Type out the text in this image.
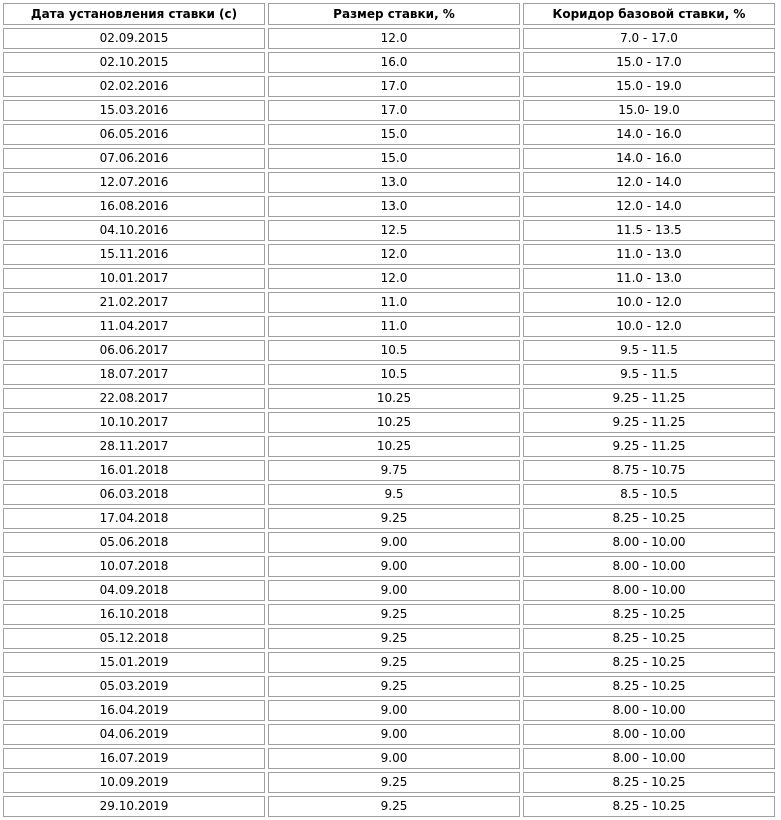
Дата установления ставки (с)	Размер ставки, %	Коридор базовой ставки, %
02.09.2015	12.0	7.0 - 17.0
02.10.2015	16.0	15.0 - 17.0
02.02.2016	17.0	15.0 - 19.0
15.03.2016	17.0	15.0- 19.0
06.05.2016	15.0	14.0 - 16.0
07.06.2016	15.0	14.0 - 16.0
12.07.2016	13.0	12.0 - 14.0
16.08.2016	13.0	12.0 - 14.0
04.10.2016	12.5	11.5 - 13.5
15.11.2016	12.0	11.0 - 13.0
10.01.2017	12.0	11.0 - 13.0
21.02.2017	11.0	10.0 - 12.0
11.04.2017	11.0	10.0 - 12.0
06.06.2017	10.5	9.5 - 11.5
18.07.2017	10.5	9.5 - 11.5
22.08.2017	10.25	9.25 - 11.25
10.10.2017	10.25	9.25 - 11.25
28.11.2017	10.25	9.25 - 11.25
16.01.2018	9.75	8.75 - 10.75
06.03.2018	9.5	8.5 - 10.5
17.04.2018	9.25	8.25 - 10.25
05.06.2018	9.00	8.00 - 10.00
10.07.2018	9.00	8.00 - 10.00
04.09.2018	9.00	8.00 - 10.00
16.10.2018	9.25	8.25 - 10.25
05.12.2018	9.25	8.25 - 10.25
15.01.2019	9.25	8.25 - 10.25
05.03.2019	9.25	8.25 - 10.25
16.04.2019	9.00	8.00 - 10.00
04.06.2019	9.00	8.00 - 10.00
16.07.2019	9.00	8.00 - 10.00
10.09.2019	9.25	8.25 - 10.25
29.10.2019	9.25	8.25 - 10.25
